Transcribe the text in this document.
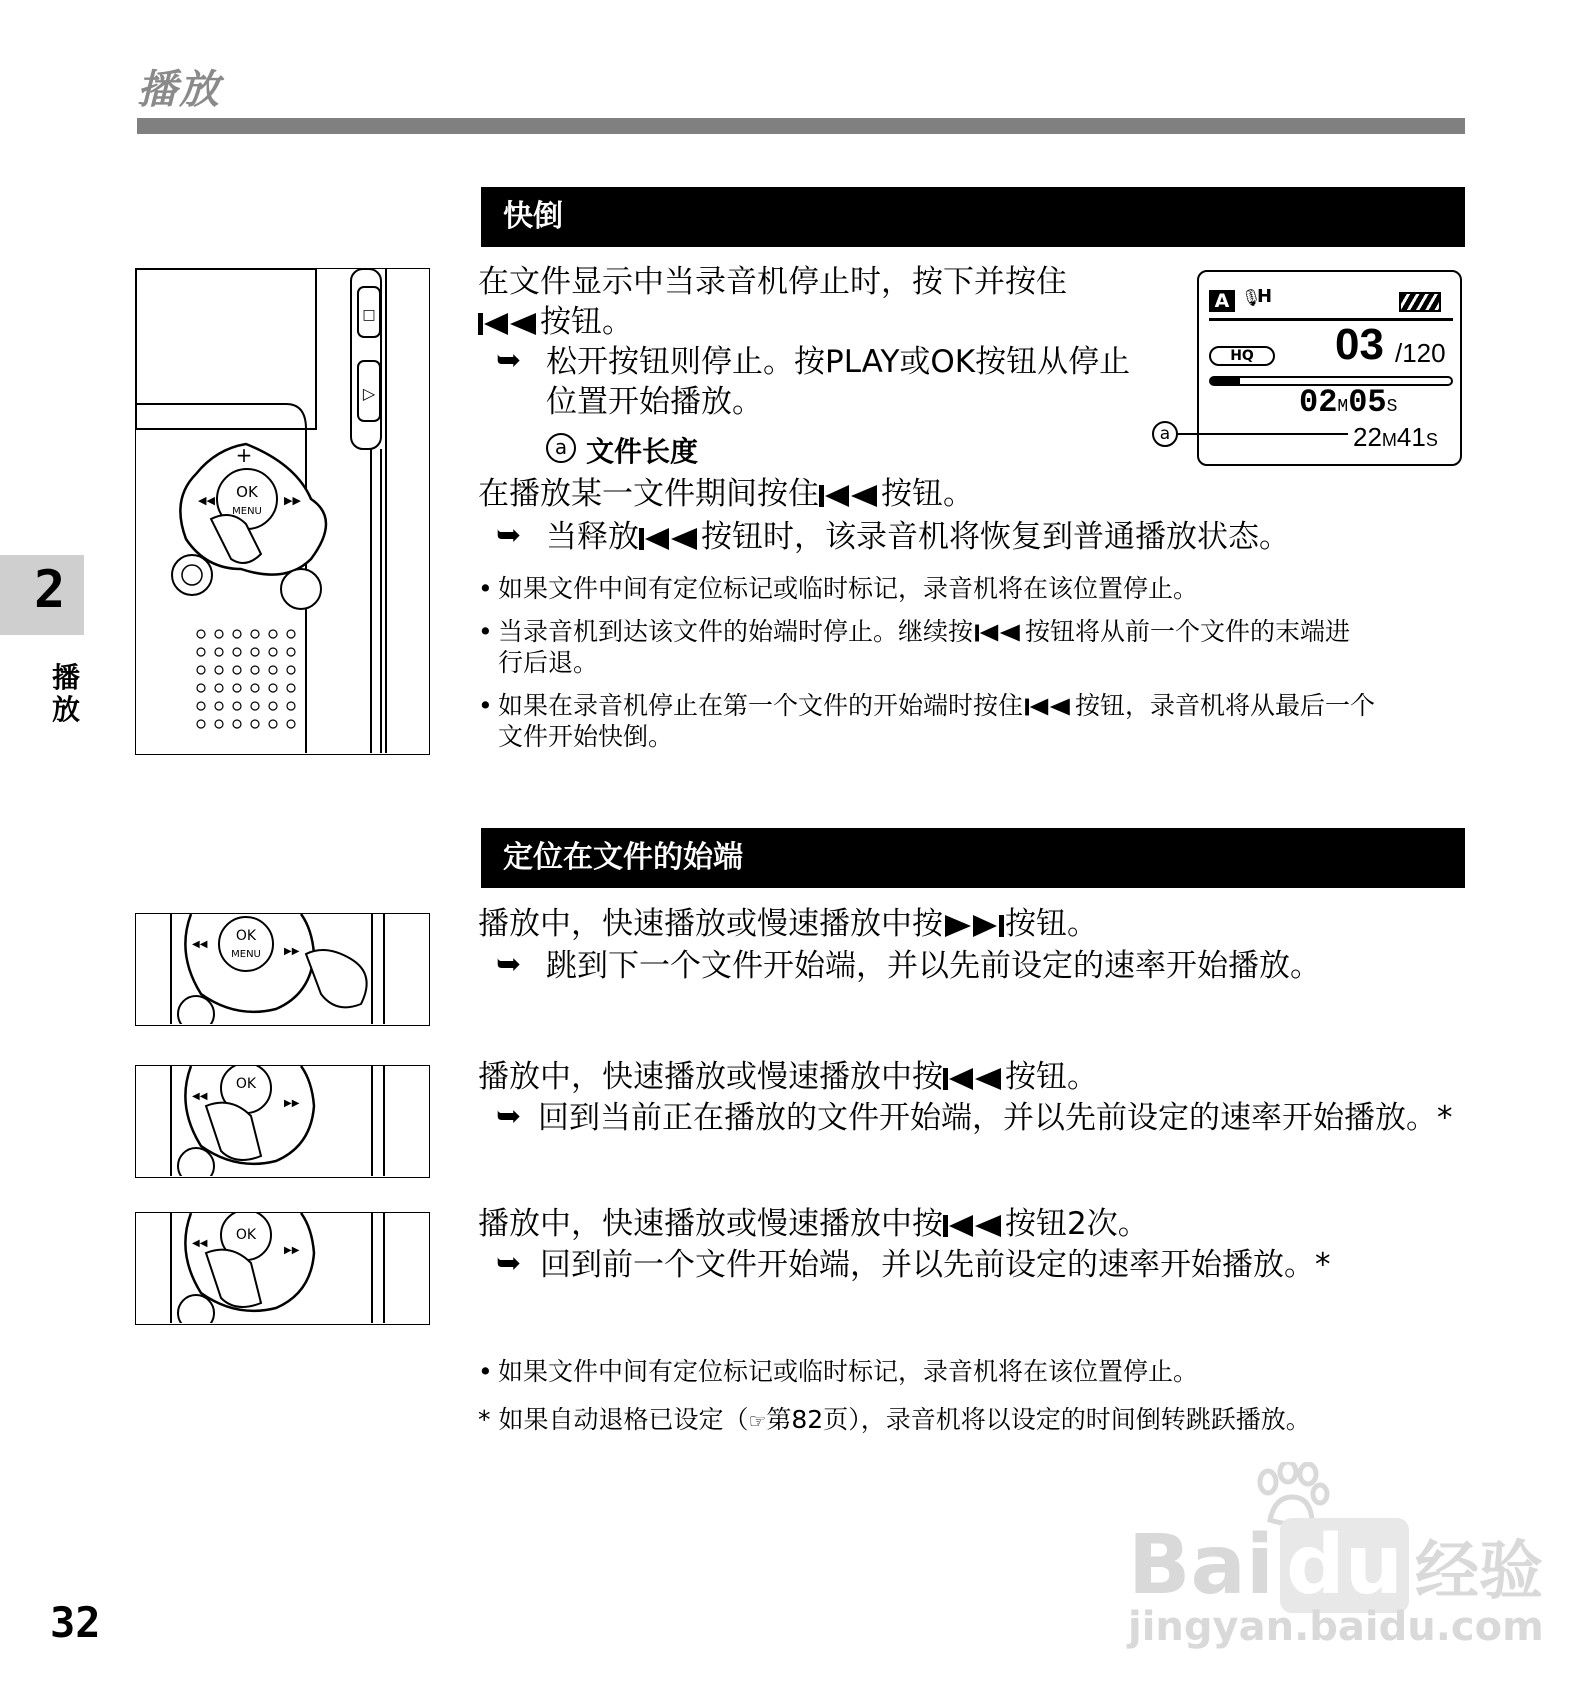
播放
2
播放
快倒
□
▷
OK
MENU
+
◀◀	▶▶
在文件显示中当录音机停止时，按下并按住
按钮。
➥ 松开按钮则停止。按PLAY或OK按钮从停止
位置开始播放。
a 文件长度
在播放某一文件期间按住 按钮。
➥ 当释放 按钮时，该录音机将恢复到普通播放状态。
• 如果文件中间有定位标记或临时标记，录音机将在该位置停止。
• 当录音机到达该文件的始端时停止。继续按 按钮将从前一个文件的末端进
行后退。
• 如果在录音机停止在第一个文件的开始端时按住 按钮，录音机将从最后一个
文件开始快倒。
A 🎙
H
HQ	03 /120
02M05S
22M41S
a
定位在文件的始端
OK
MENU
◀◀
▶▶
OK
◀◀
▶▶
OK
◀◀
▶▶
播放中，快速播放或慢速播放中按 按钮。
➥ 跳到下一个文件开始端，并以先前设定的速率开始播放。
播放中，快速播放或慢速播放中按 按钮。
➥ 回到当前正在播放的文件开始端，并以先前设定的速率开始播放。*
播放中，快速播放或慢速播放中按 按钮2次。
➥ 回到前一个文件开始端，并以先前设定的速率开始播放。*
• 如果文件中间有定位标记或临时标记，录音机将在该位置停止。
* 如果自动退格已设定（☞第82页），录音机将以设定的时间倒转跳跃播放。
Bai du 经验
jingyan.baidu.com
32
